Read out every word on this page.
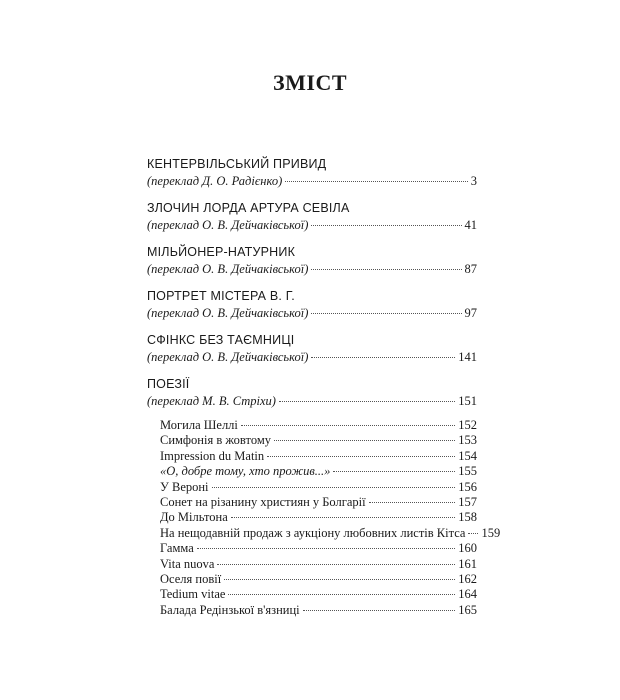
ЗМІСТ
КЕНТЕРВІЛЬСЬКИЙ ПРИВИД
(переклад Д. О. Радієнко)	3
ЗЛОЧИН ЛОРДА АРТУРА СЕВІЛА
(переклад О. В. Дейчаківської)	41
МІЛЬЙОНЕР-НАТУРНИК
(переклад О. В. Дейчаківської)	87
ПОРТРЕТ МІСТЕРА В. Г.
(переклад О. В. Дейчаківської)	97
СФІНКС БЕЗ ТАЄМНИЦІ
(переклад О. В. Дейчаківської)	141
ПОЕЗІЇ
(переклад М. В. Стріхи)	151
Могила Шеллі	152
Симфонія в жовтому	153
Impression du Matin	154
«О, добре тому, хто прожив...»	155
У Вероні	156
Сонет на різанину християн у Болгарії	157
До Мільтона	158
На нещодавній продаж з аукціону любовних листів Кітса 159
Гамма	160
Vita nuova	161
Оселя повії	162
Tedium vitae	164
Балада Редінзької в'язниці	165
